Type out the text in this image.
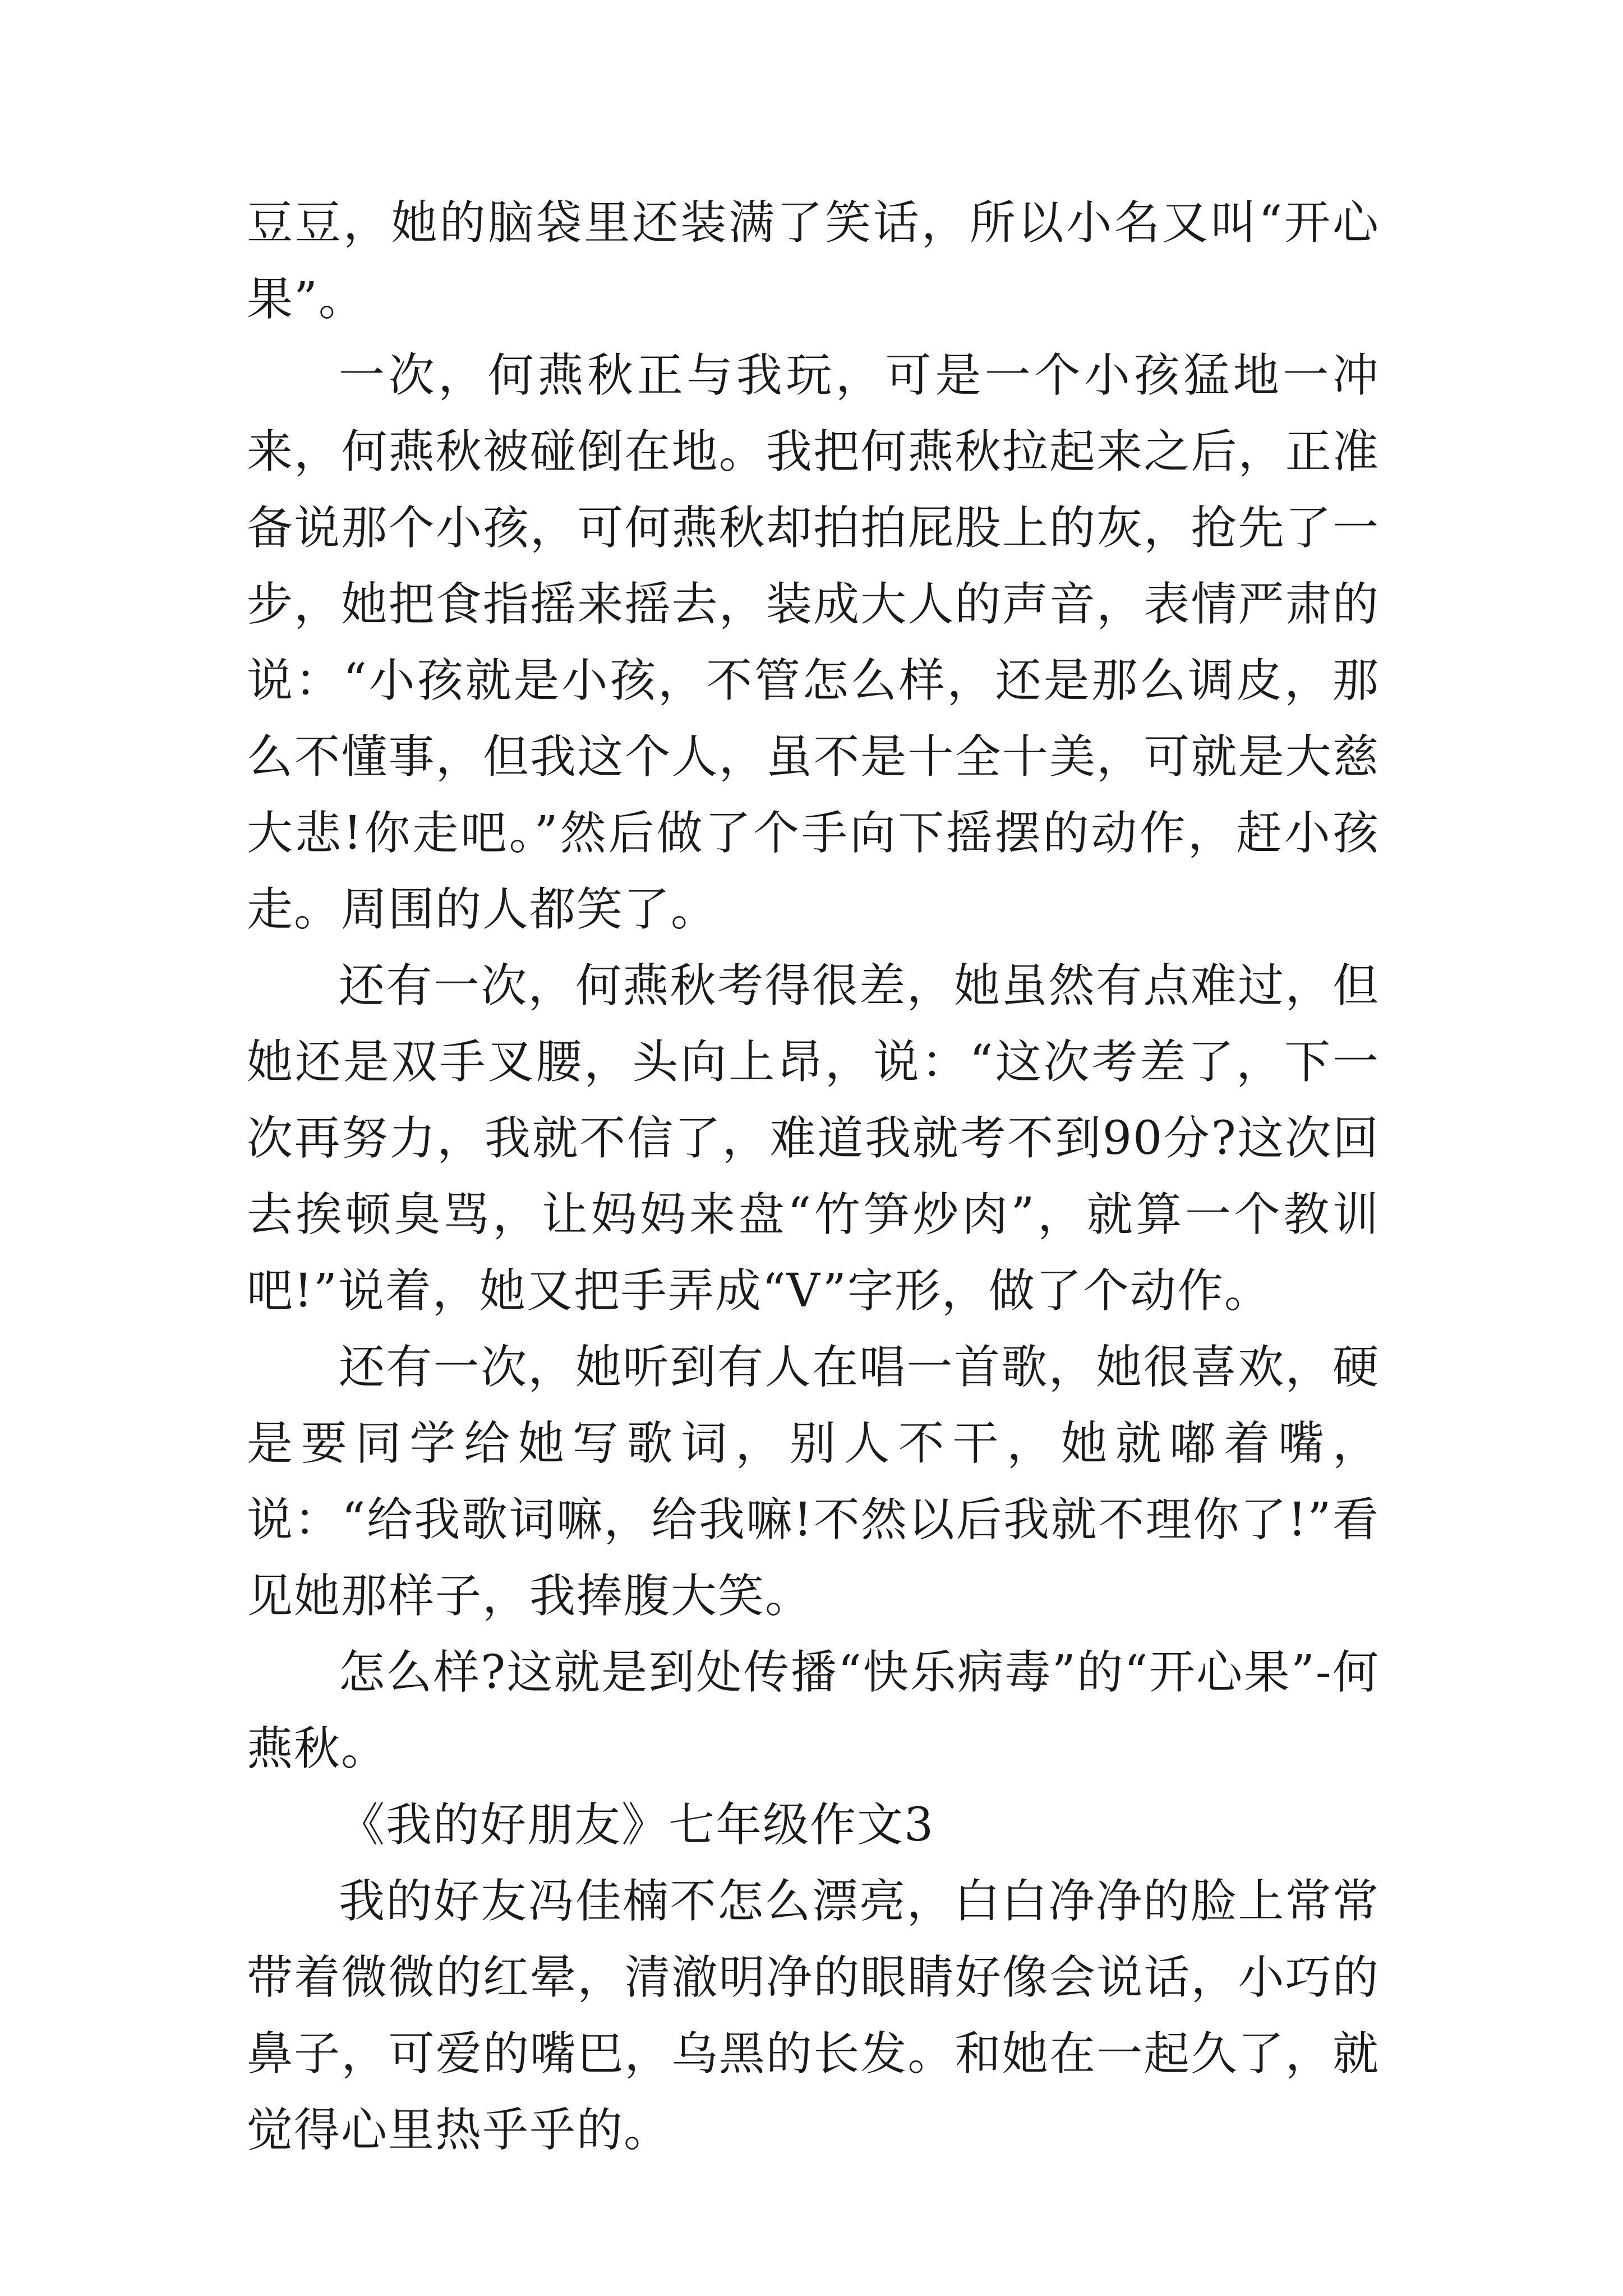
豆豆，她的脑袋里还装满了笑话，所以小名又叫“开心果”。

一次，何燕秋正与我玩，可是一个小孩猛地一冲来，何燕秋被碰倒在地。我把何燕秋拉起来之后，正准备说那个小孩，可何燕秋却拍拍屁股上的灰，抢先了一步，她把食指摇来摇去，装成大人的声音，表情严肃的说：“小孩就是小孩，不管怎么样，还是那么调皮，那么不懂事，但我这个人，虽不是十全十美，可就是大慈大悲!你走吧。”然后做了个手向下摇摆的动作，赶小孩走。周围的人都笑了。

还有一次，何燕秋考得很差，她虽然有点难过，但她还是双手叉腰，头向上昂，说：“这次考差了，下一次再努力，我就不信了，难道我就考不到90分?这次回去挨顿臭骂，让妈妈来盘“竹笋炒肉”，就算一个教训吧!”说着，她又把手弄成“V”字形，做了个动作。

还有一次，她听到有人在唱一首歌，她很喜欢，硬是要同学给她写歌词，别人不干，她就嘟着嘴，说：“给我歌词嘛，给我嘛!不然以后我就不理你了!”看见她那样子，我捧腹大笑。

怎么样?这就是到处传播“快乐病毒”的“开心果”-何燕秋。

《我的好朋友》七年级作文3

我的好友冯佳楠不怎么漂亮，白白净净的脸上常常带着微微的红晕，清澈明净的眼睛好像会说话，小巧的鼻子，可爱的嘴巴，乌黑的长发。和她在一起久了，就觉得心里热乎乎的。
